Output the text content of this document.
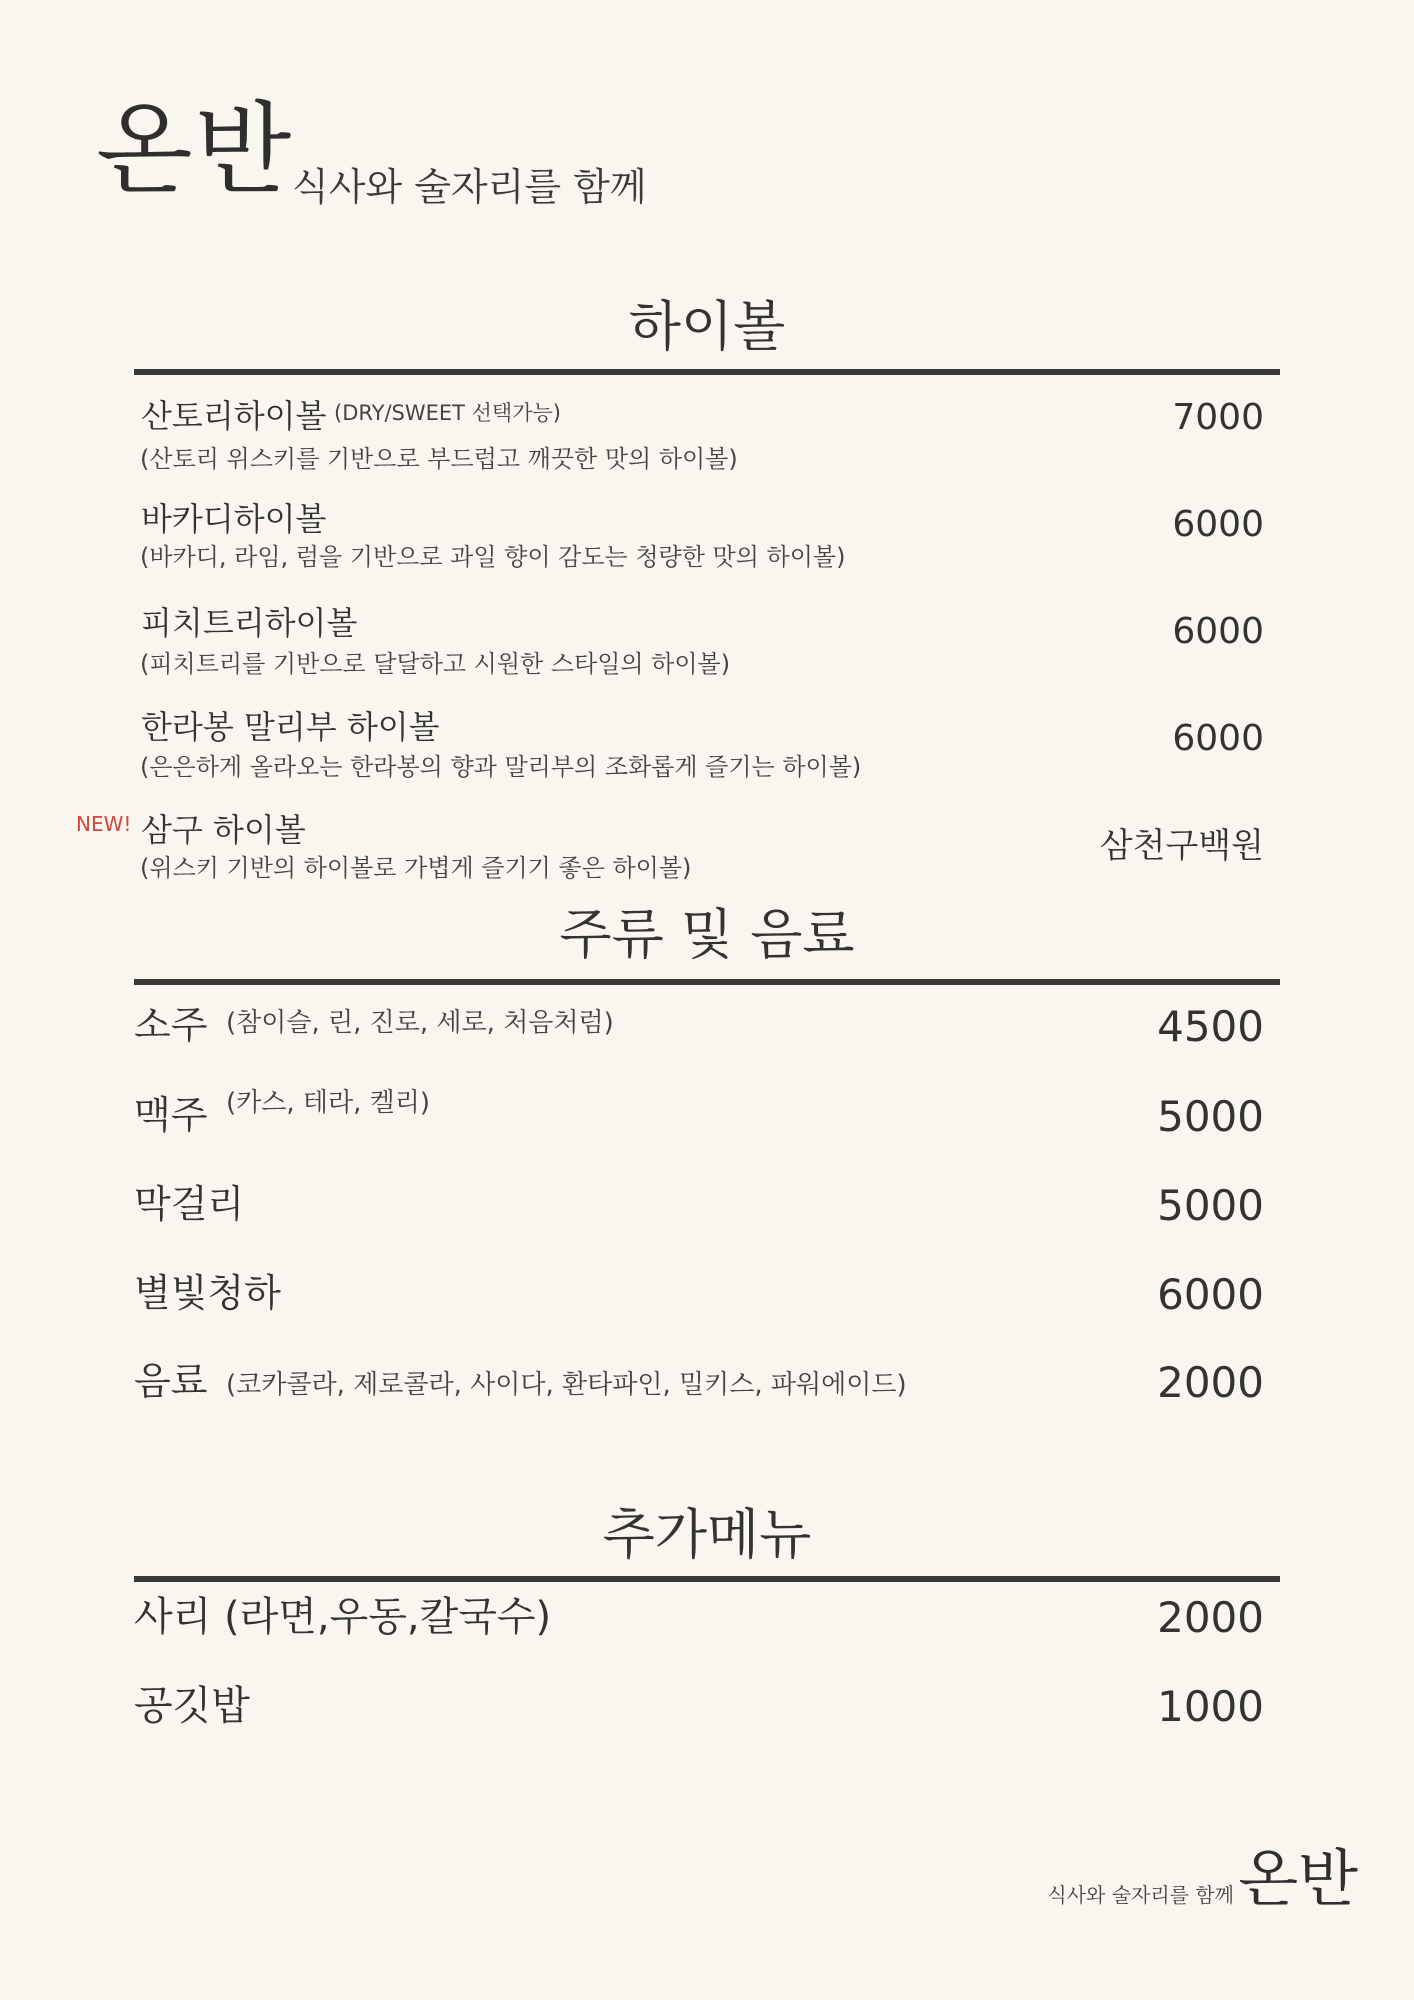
온반
식사와 술자리를 함께
하이볼
산토리하이볼 (DRY/SWEET 선택가능)
(산토리 위스키를 기반으로 부드럽고 깨끗한 맛의 하이볼)
7000
바카디하이볼
(바카디, 라임, 럼을 기반으로 과일 향이 감도는 청량한 맛의 하이볼)
6000
피치트리하이볼
(피치트리를 기반으로 달달하고 시원한 스타일의 하이볼)
6000
한라봉 말리부 하이볼
(은은하게 올라오는 한라봉의 향과 말리부의 조화롭게 즐기는 하이볼)
6000
NEW! 삼구 하이볼
(위스키 기반의 하이볼로 가볍게 즐기기 좋은 하이볼)
삼천구백원
주류 및 음료
소주 (참이슬, 린, 진로, 세로, 처음처럼)	4500
맥주 (카스, 테라, 켈리)	5000
막걸리	5000
별빛청하	6000
음료 (코카콜라, 제로콜라, 사이다, 환타파인, 밀키스, 파워에이드)	2000
추가메뉴
사리 (라면,우동,칼국수)	2000
공깃밥	1000
식사와 술자리를 함께 온반
